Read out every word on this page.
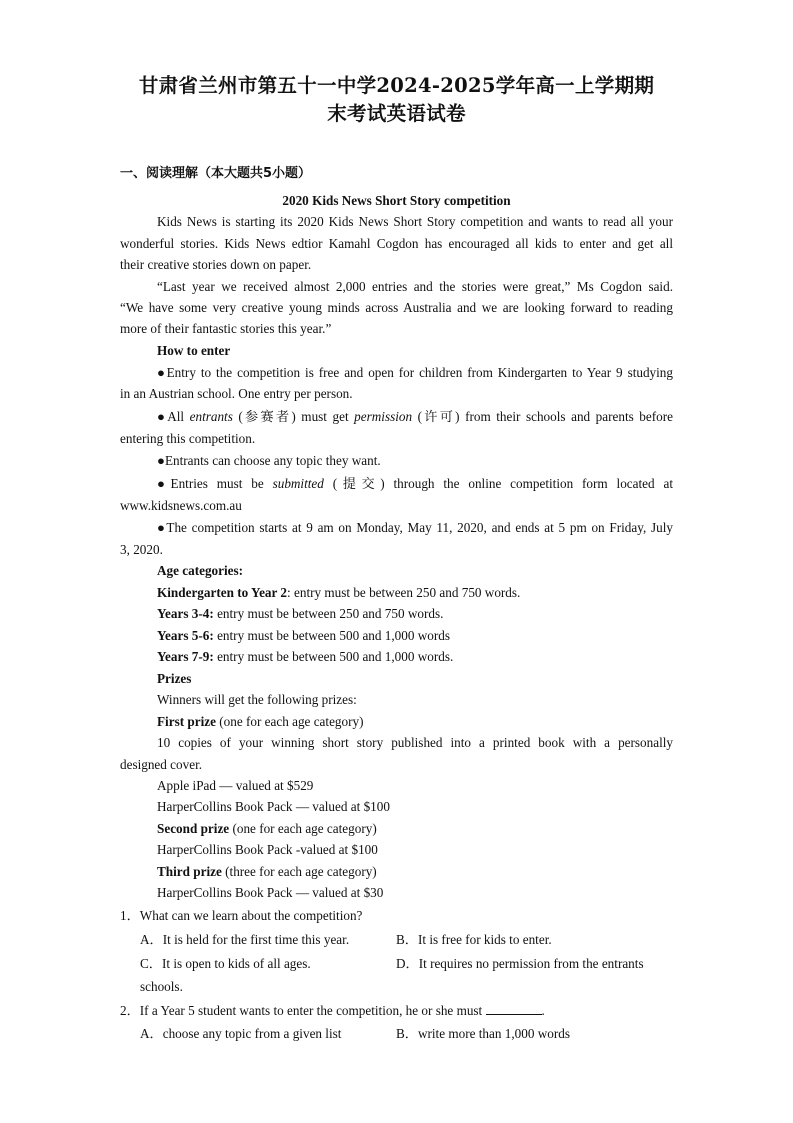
甘肃省兰州市第五十一中学2024-2025学年高一上学期期
末考试英语试卷
一、阅读理解（本大题共5小题）
2020 Kids News Short Story competition
Kids News is starting its 2020 Kids News Short Story competition and wants to read all your
wonderful stories. Kids News edtior Kamahl Cogdon has encouraged all kids to enter and get all
their creative stories down on paper.
“Last year we received almost 2,000 entries and the stories were great,” Ms Cogdon said.
“We have some very creative young minds across Australia and we are looking forward to reading
more of their fantastic stories this year.”
How to enter
●Entry to the competition is free and open for children from Kindergarten to Year 9 studying
in an Austrian school. One entry per person.
●All entrants (参赛者) must get permission (许可) from their schools and parents before
entering this competition.
●Entrants can choose any topic they want.
●Entries must be submitted (提交) through the online competition form located at
www.kidsnews.com.au
●The competition starts at 9 am on Monday, May 11, 2020, and ends at 5 pm on Friday, July
3, 2020.
Age categories:
Kindergarten to Year 2: entry must be between 250 and 750 words.
Years 3-4: entry must be between 250 and 750 words.
Years 5-6: entry must be between 500 and 1,000 words
Years 7-9: entry must be between 500 and 1,000 words.
Prizes
Winners will get the following prizes:
First prize (one for each age category)
10 copies of your winning short story published into a printed book with a personally
designed cover.
Apple iPad — valued at $529
HarperCollins Book Pack — valued at $100
Second prize (one for each age category)
HarperCollins Book Pack -valued at $100
Third prize (three for each age category)
HarperCollins Book Pack — valued at $30
1．What can we learn about the competition?
A．It is held for the first time this year.	B．It is free for kids to enter.
C．It is open to kids of all ages.	D．It requires no permission from the entrants
schools.
2．If a Year 5 student wants to enter the competition, he or she must	.
A．choose any topic from a given list	B．write more than 1,000 words
